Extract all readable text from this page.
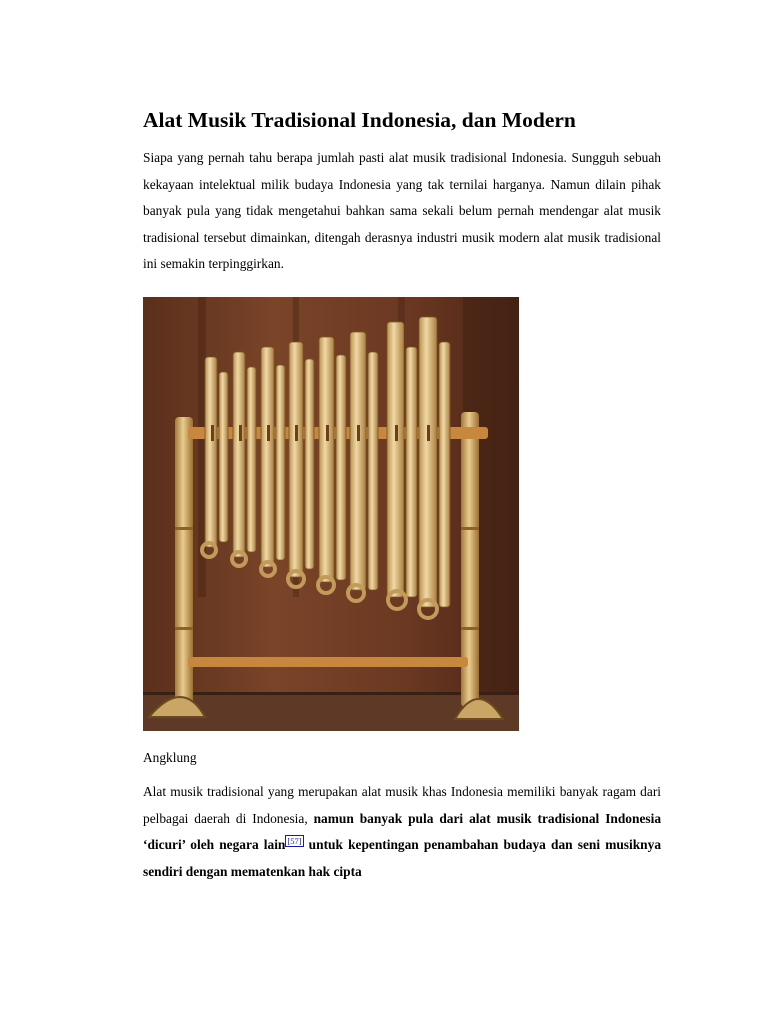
Alat Musik Tradisional Indonesia, dan Modern

Siapa yang pernah tahu berapa jumlah pasti alat musik tradisional Indonesia. Sungguh sebuah kekayaan intelektual milik budaya Indonesia yang tak ternilai harganya. Namun dilain pihak banyak pula yang tidak mengetahui bahkan sama sekali belum pernah mendengar alat musik tradisional tersebut dimainkan, ditengah derasnya industri musik modern alat musik tradisional ini semakin terpinggirkan.

Angklung

Alat musik tradisional yang merupakan alat musik khas Indonesia memiliki banyak ragam dari pelbagai daerah di Indonesia, namun banyak pula dari alat musik tradisional Indonesia ‘dicuri’ oleh negara lain [57] untuk kepentingan penambahan budaya dan seni musiknya sendiri dengan mematenkan hak cipta
